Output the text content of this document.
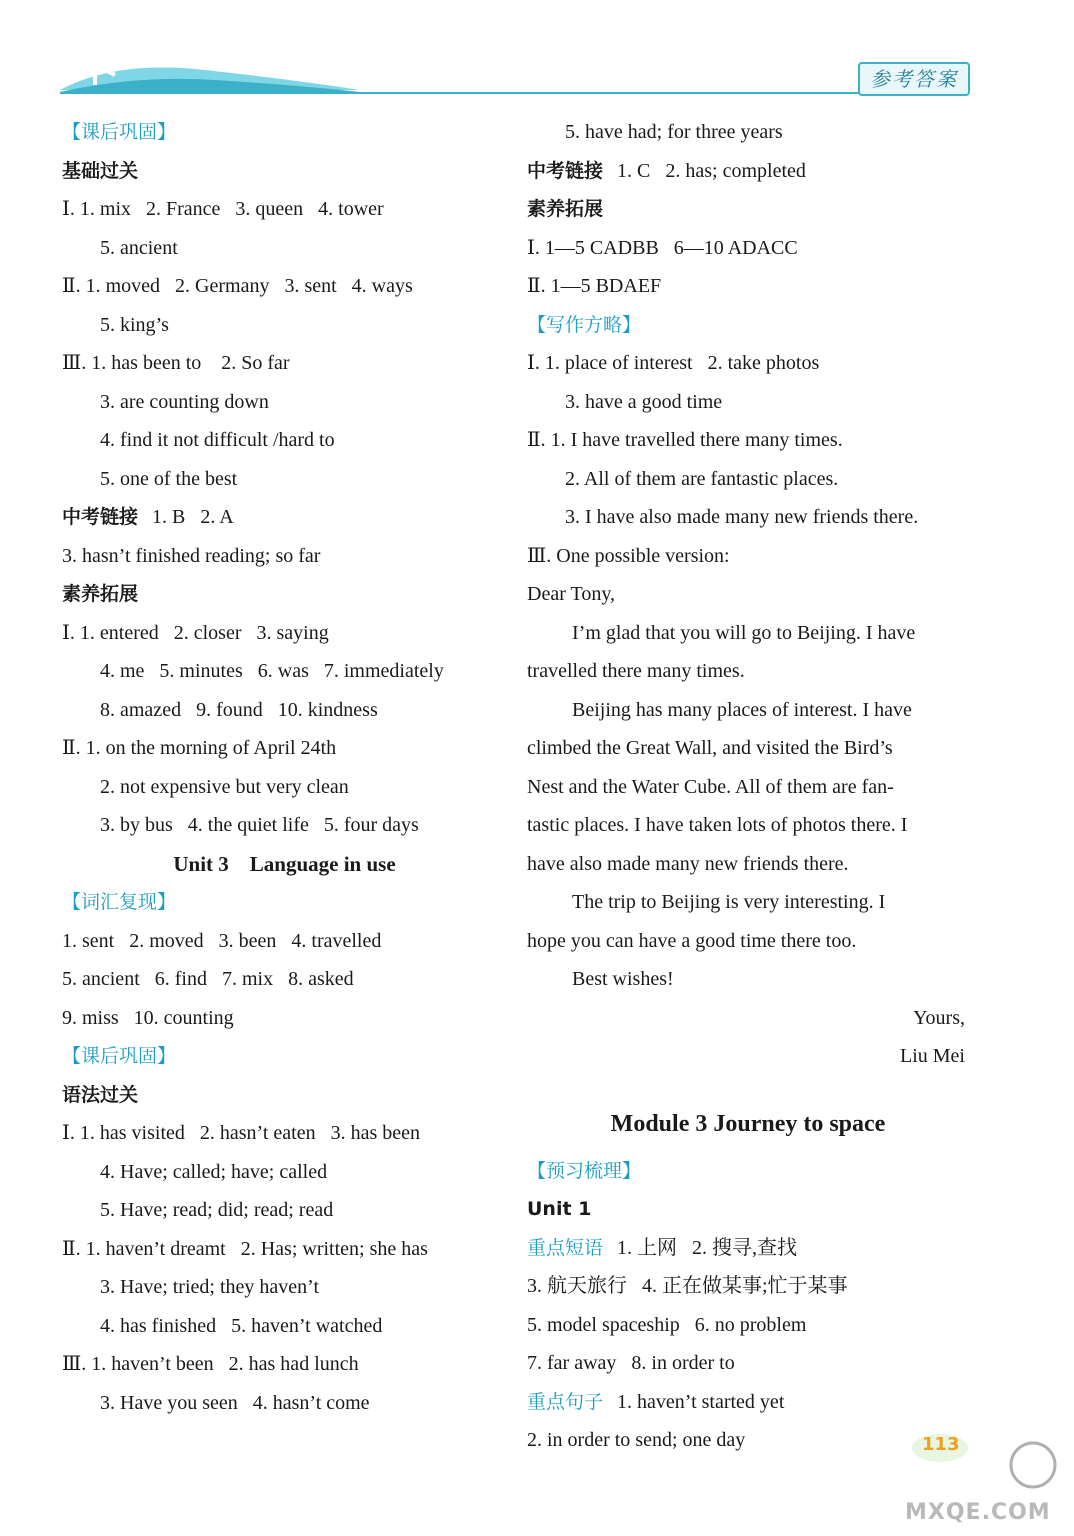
参考答案
【课后巩固】
基础过关
Ⅰ. 1. mix   2. France   3. queen   4. tower
5. ancient
Ⅱ. 1. moved   2. Germany   3. sent   4. ways
5. king’s
Ⅲ. 1. has been to    2. So far
3. are counting down
4. find it not difficult /hard to
5. one of the best
中考链接 1. B   2. A
3. hasn’t finished reading; so far
素养拓展
Ⅰ. 1. entered   2. closer   3. saying
4. me   5. minutes   6. was   7. immediately
8. amazed   9. found   10. kindness
Ⅱ. 1. on the morning of April 24th
2. not expensive but very clean
3. by bus   4. the quiet life   5. four days
Unit 3    Language in use
【词汇复现】
1. sent   2. moved   3. been   4. travelled
5. ancient   6. find   7. mix   8. asked
9. miss   10. counting
【课后巩固】
语法过关
Ⅰ. 1. has visited   2. hasn’t eaten   3. has been
4. Have; called; have; called
5. Have; read; did; read; read
Ⅱ. 1. haven’t dreamt   2. Has; written; she has
3. Have; tried; they haven’t
4. has finished   5. haven’t watched
Ⅲ. 1. haven’t been   2. has had lunch
3. Have you seen   4. hasn’t come
5. have had; for three years
中考链接 1. C   2. has; completed
素养拓展
Ⅰ. 1—5 CADBB   6—10 ADACC
Ⅱ. 1—5 BDAEF
【写作方略】
Ⅰ. 1. place of interest   2. take photos
3. have a good time
Ⅱ. 1. I have travelled there many times.
2. All of them are fantastic places.
3. I have also made many new friends there.
Ⅲ. One possible version:
Dear Tony,
I’m glad that you will go to Beijing. I have
travelled there many times.
Beijing has many places of interest. I have
climbed the Great Wall, and visited the Bird’s
Nest and the Water Cube. All of them are fan-
tastic places. I have taken lots of photos there. I
have also made many new friends there.
The trip to Beijing is very interesting. I
hope you can have a good time there too.
Best wishes!
Yours,
Liu Mei
Module 3 Journey to space
【预习梳理】
Unit 1
重点短语 1. 上网   2. 搜寻,查找
3. 航天旅行   4. 正在做某事;忙于某事
5. model spaceship   6. no problem
7. far away   8. in order to
重点句子 1. haven’t started yet
2. in order to send; one day	113
MXQE.COM
